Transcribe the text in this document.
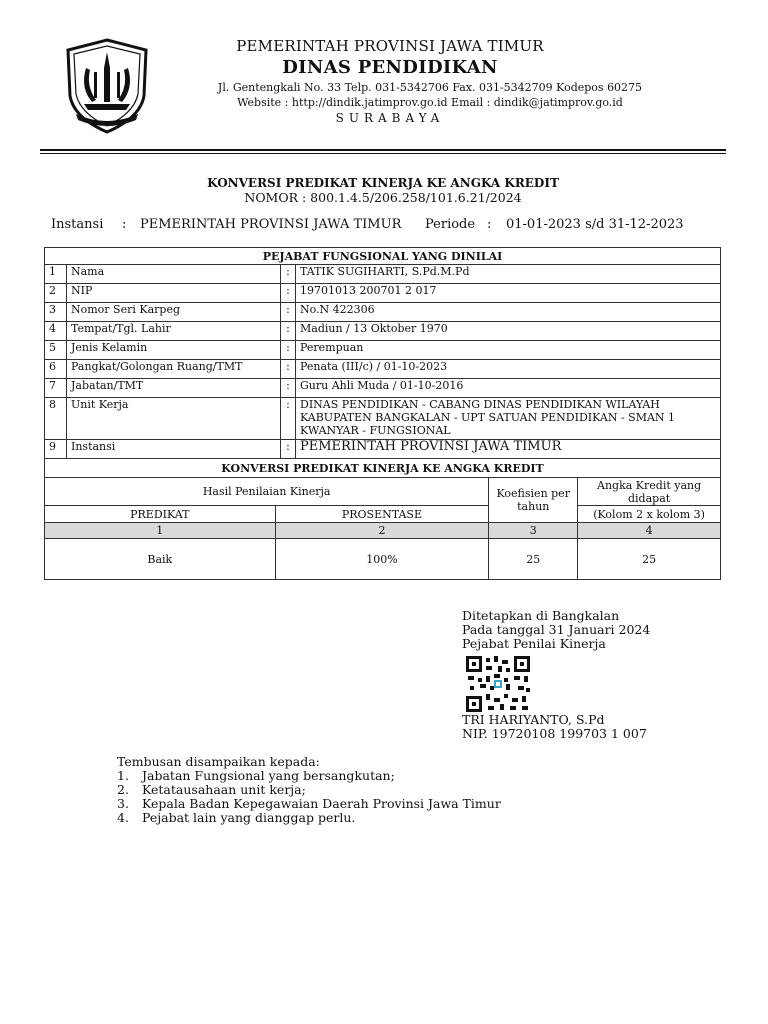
PEMERINTAH PROVINSI JAWA TIMUR
DINAS PENDIDIKAN
Jl. Gentengkali No. 33 Telp. 031-5342706 Fax. 031-5342709 Kodepos 60275
Website : http://dindik.jatimprov.go.id Email : dindik@jatimprov.go.id
SURABAYA
KONVERSI PREDIKAT KINERJA KE ANGKA KREDIT
NOMOR : 800.1.4.5/206.258/101.6.21/2024
Instansi : PEMERINTAH PROVINSI JAWA TIMUR Periode : 01-01-2023 s/d 31-12-2023
PEJABAT FUNGSIONAL YANG DINILAI			
1	Nama	:	TATIK SUGIHARTI, S.Pd.M.Pd
2	NIP	:	19701013 200701 2 017
3	Nomor Seri Karpeg	:	No.N 422306
4	Tempat/Tgl. Lahir	:	Madiun / 13 Oktober 1970
5	Jenis Kelamin	:	Perempuan
6	Pangkat/Golongan Ruang/TMT	:	Penata (III/c) / 01-10-2023
7	Jabatan/TMT	:	Guru Ahli Muda / 01-10-2016
8	Unit Kerja	:	DINAS PENDIDIKAN - CABANG DINAS PENDIDIKAN WILAYAH KABUPATEN BANGKALAN - UPT SATUAN PENDIDIKAN - SMAN 1 KWANYAR - FUNGSIONAL
9	Instansi	:	PEMERINTAH PROVINSI JAWA TIMUR
KONVERSI PREDIKAT KINERJA KE ANGKA KREDIT			
Hasil Penilaian Kinerja		Koefisien per tahun	Angka Kredit yang didapat
PREDIKAT	PROSENTASE		(Kolom 2 x kolom 3)
1	2	3	4
Baik	100%	25	25
Ditetapkan di Bangkalan
Pada tanggal 31 Januari 2024
Pejabat Penilai Kinerja
TRI HARIYANTO, S.Pd
NIP. 19720108 199703 1 007
Tembusan disampaikan kepada:
1. Jabatan Fungsional yang bersangkutan;
2. Ketatausahaan unit kerja;
3. Kepala Badan Kepegawaian Daerah Provinsi Jawa Timur
4. Pejabat lain yang dianggap perlu.
